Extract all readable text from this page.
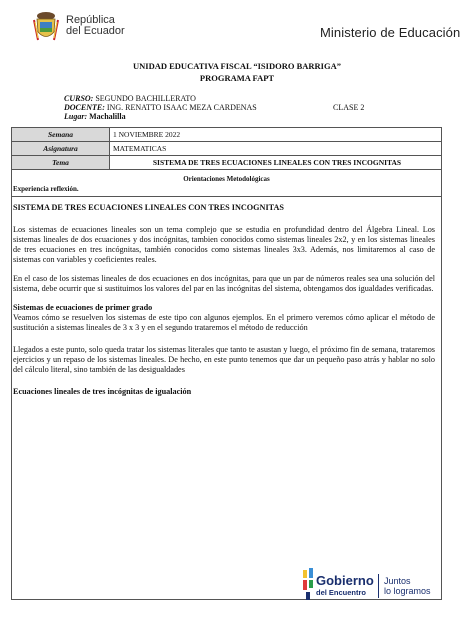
República
del Ecuador	Ministerio de Educación
UNIDAD EDUCATIVA FISCAL “ISIDORO BARRIGA”
PROGRAMA FAPT
CURSO: SEGUNDO BACHILLERATO
DOCENTE: ING. RENATTO ISAAC MEZA CARDENAS	CLASE 2
Lugar: Machalilla
Semana	1 NOVIEMBRE 2022
Asignatura	MATEMATICAS
Tema	SISTEMA DE TRES ECUACIONES LINEALES CON TRES INCOGNITAS
Orientaciones Metodológicas
Experiencia reflexión.

SISTEMA DE TRES ECUACIONES LINEALES CON TRES INCOGNITAS

Los sistemas de ecuaciones lineales son un tema complejo que se estudia en profundidad dentro del Álgebra Lineal. Los sistemas lineales de dos ecuaciones y dos incógnitas, tambien conocidos como sistemas lineales 2x2, y en los sistemas lineales de tres ecuaciones en tres incógnitas, también conocidos como sistemas lineales 3x3. Además, nos limitaremos al caso de sistemas con variables y coeficientes reales.

En el caso de los sistemas lineales de dos ecuaciones en dos incógnitas, para que un par de números reales sea una solución del sistema, debe ocurrir que si sustituimos los valores del par en las incógnitas del sistema, obtengamos dos igualdades verificadas.

Sistemas de ecuaciones de primer grado

Veamos cómo se resuelven los sistemas de este tipo con algunos ejemplos. En el primero veremos cómo aplicar el método de sustitución a sistemas lineales de 3 x 3 y en el segundo trataremos el método de reducción

Llegados a este punto, solo queda tratar los sistemas literales que tanto te asustan y luego, el próximo fin de semana, trataremos ejercicios y un repaso de los sistemas lineales. De hecho, en este punto tenemos que dar un pequeño paso atrás y hablar no solo del cálculo literal, sino también de las desigualdades

Ecuaciones lineales de tres incógnitas de igualación

Gobierno
del Encuentro
Juntos
lo logramos
